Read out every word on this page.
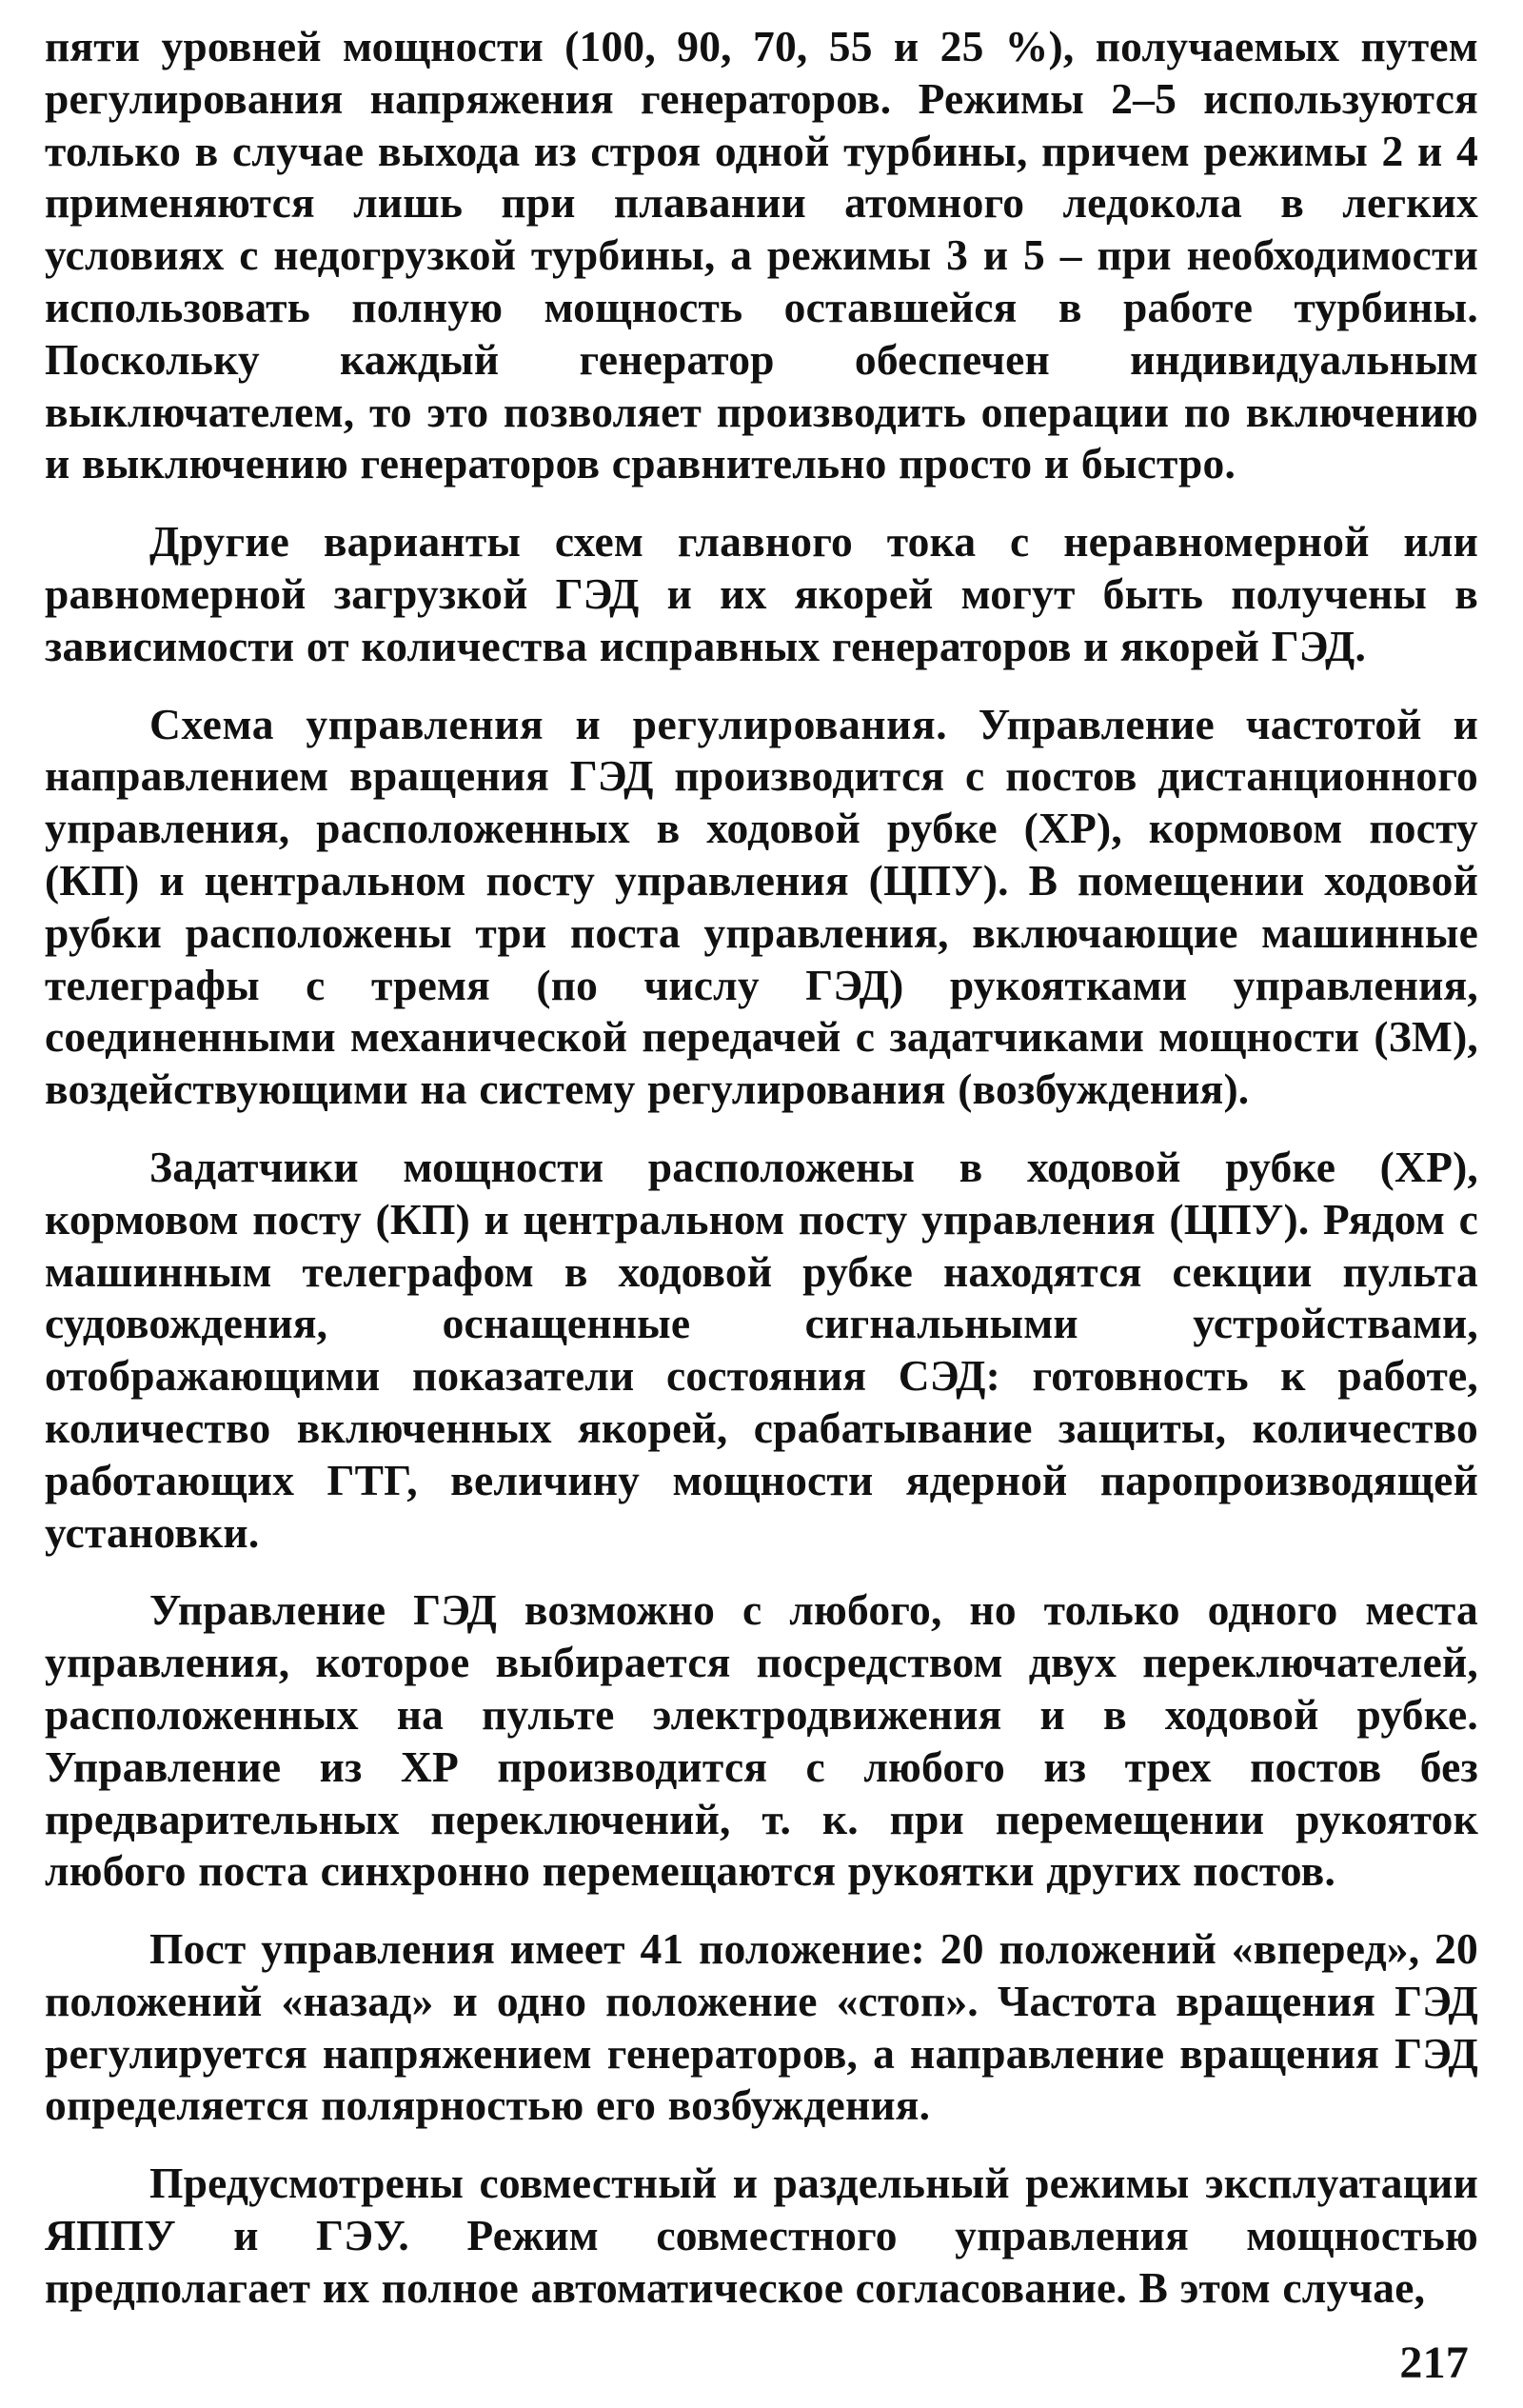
пяти уровней мощности (100, 90, 70, 55 и 25 %), получаемых путем регулирования напряжения генераторов. Режимы 2–5 используются только в случае выхода из строя одной турбины, причем режимы 2 и 4 применяются лишь при плавании атомного ледокола в легких условиях с недогрузкой турбины, а режимы 3 и 5 – при необходимости использовать полную мощность оставшейся в работе турбины. Поскольку каждый генератор обеспечен индивидуальным выключателем, то это позволяет производить операции по включению и выключению генераторов сравнительно просто и быстро.

Другие варианты схем главного тока с неравномерной или равномерной загрузкой ГЭД и их якорей могут быть получены в зависимости от количества исправных генераторов и якорей ГЭД.

Схема управления и регулирования. Управление частотой и направлением вращения ГЭД производится с постов дистанционного управления, расположенных в ходовой рубке (ХР), кормовом посту (КП) и центральном посту управления (ЦПУ). В помещении ходовой рубки расположены три поста управления, включающие машинные телеграфы с тремя (по числу ГЭД) рукоятками управления, соединенными механической передачей с задатчиками мощности (ЗМ), воздействующими на систему регулирования (возбуждения).

Задатчики мощности расположены в ходовой рубке (ХР), кормовом посту (КП) и центральном посту управления (ЦПУ). Рядом с машинным телеграфом в ходовой рубке находятся секции пульта судовождения, оснащенные сигнальными устройствами, отображающими показатели состояния СЭД: готовность к работе, количество включенных якорей, срабатывание защиты, количество работающих ГТГ, величину мощности ядерной паропроизводящей установки.

Управление ГЭД возможно с любого, но только одного места управления, которое выбирается посредством двух переключателей, расположенных на пульте электродвижения и в ходовой рубке. Управление из ХР производится с любого из трех постов без предварительных переключений, т. к. при перемещении рукояток любого поста синхронно перемещаются рукоятки других постов.

Пост управления имеет 41 положение: 20 положений «вперед», 20 положений «назад» и одно положение «стоп». Частота вращения ГЭД регулируется напряжением генераторов, а направление вращения ГЭД определяется полярностью его возбуждения.

Предусмотрены совместный и раздельный режимы эксплуатации ЯППУ и ГЭУ. Режим совместного управления мощностью предполагает их полное автоматическое согласование. В этом случае,

217
